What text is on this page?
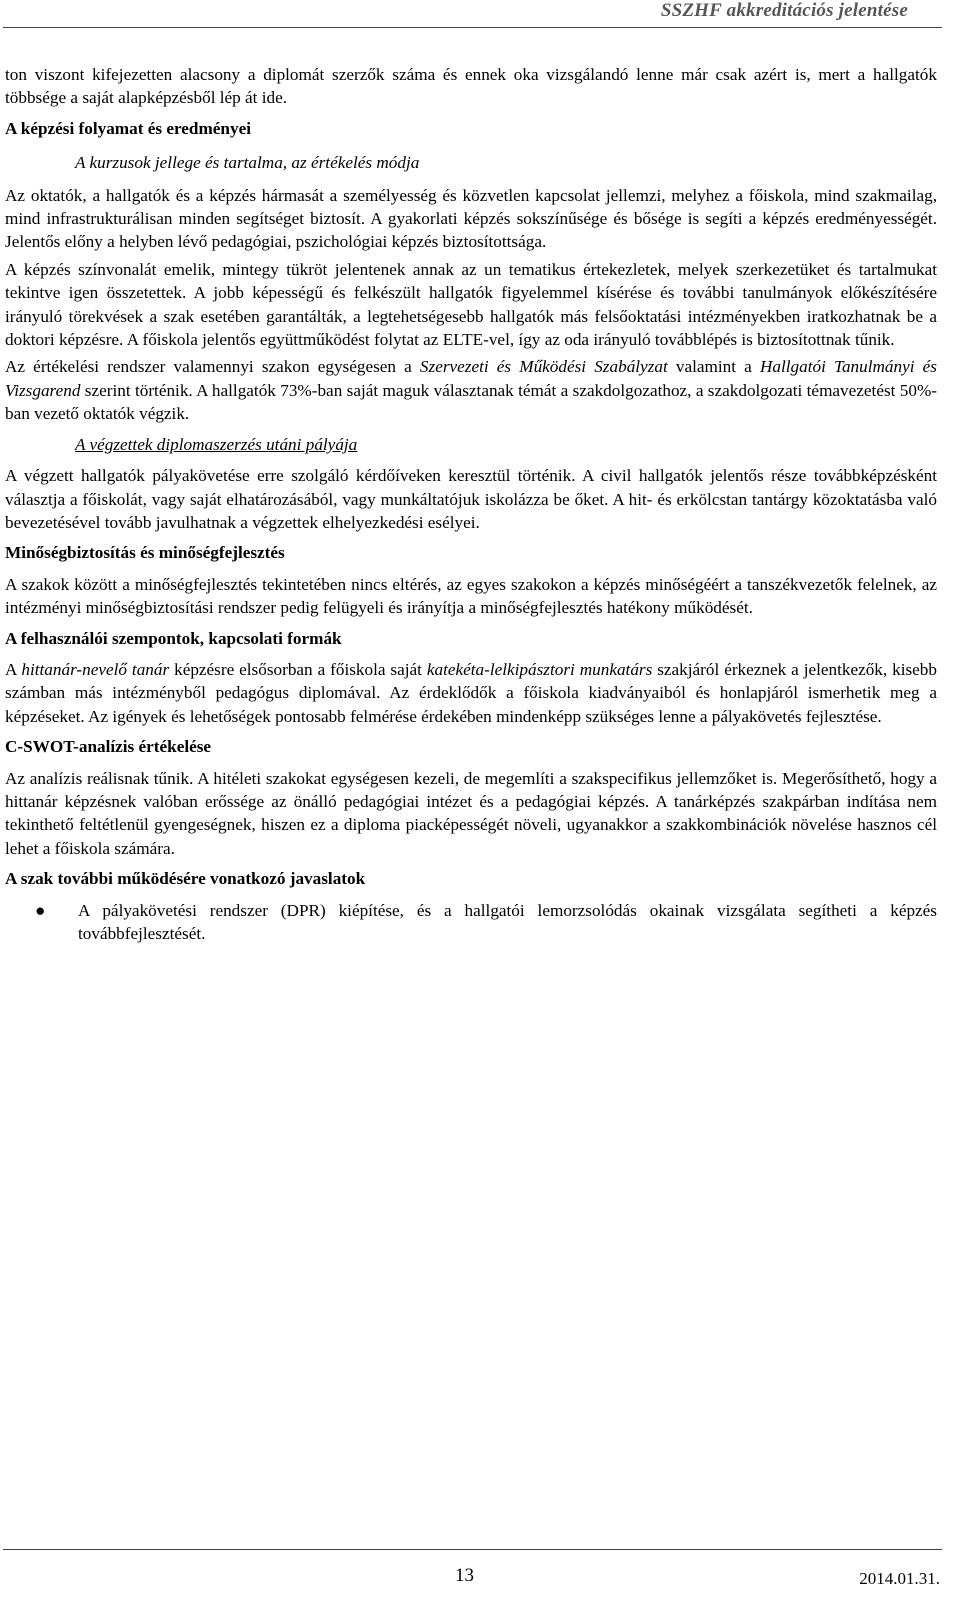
SSZHF akkreditációs jelentése

ton viszont kifejezetten alacsony a diplomát szerzők száma és ennek oka vizsgálandó lenne már csak azért is, mert a hallgatók többsége a saját alapképzésből lép át ide.

A képzési folyamat és eredményei
A kurzusok jellege és tartalma, az értékelés módja

Az oktatók, a hallgatók és a képzés hármasát a személyesség és közvetlen kapcsolat jellemzi, melyhez a főiskola, mind szakmailag, mind infrastrukturálisan minden segítséget biztosít. A gyakorlati képzés sokszínűsége és bősége is segíti a képzés eredményességét. Jelentős előny a helyben lévő pedagógiai, pszichológiai képzés biztosítottsága.

A képzés színvonalát emelik, mintegy tükröt jelentenek annak az un tematikus értekezletek, melyek szerkezetüket és tartalmukat tekintve igen összetettek. A jobb képességű és felkészült hallgatók figyelemmel kísérése és további tanulmányok előkészítésére irányuló törekvések a szak esetében garantálták, a legtehetségesebb hallgatók más felsőoktatási intézményekben iratkozhatnak be a doktori képzésre. A főiskola jelentős együttműködést folytat az ELTE-vel, így az oda irányuló továbblépés is biztosítottnak tűnik.

Az értékelési rendszer valamennyi szakon egységesen a Szervezeti és Működési Szabályzat valamint a Hallgatói Tanulmányi és Vizsgarend szerint történik. A hallgatók 73%-ban saját maguk választanak témát a szakdolgozathoz, a szakdolgozati témavezetést 50%-ban vezető oktatók végzik.

A végzettek diplomaszerzés utáni pályája

A végzett hallgatók pályakövetése erre szolgáló kérdőíveken keresztül történik. A civil hallgatók jelentős része továbbképzésként választja a főiskolát, vagy saját elhatározásából, vagy munkáltatójuk iskolázza be őket. A hit- és erkölcstan tantárgy közoktatásba való bevezetésével tovább javulhatnak a végzettek elhelyezkedési esélyei.

Minőségbiztosítás és minőségfejlesztés

A szakok között a minőségfejlesztés tekintetében nincs eltérés, az egyes szakokon a képzés minőségéért a tanszékvezetők felelnek, az intézményi minőségbiztosítási rendszer pedig felügyeli és irányítja a minőségfejlesztés hatékony működését.

A felhasználói szempontok, kapcsolati formák

A hittanár-nevelő tanár képzésre elsősorban a főiskola saját katekéta-lelkipásztori munkatárs szakjáról érkeznek a jelentkezők, kisebb számban más intézményből pedagógus diplomával. Az érdeklődők a főiskola kiadványaiból és honlapjáról ismerhetik meg a képzéseket. Az igények és lehetőségek pontosabb felmérése érdekében mindenképp szükséges lenne a pályakövetés fejlesztése.

C-SWOT-analízis értékelése

Az analízis reálisnak tűnik. A hitéleti szakokat egységesen kezeli, de megemlíti a szakspecifikus jellemzőket is. Megerősíthető, hogy a hittanár képzésnek valóban erőssége az önálló pedagógiai intézet és a pedagógiai képzés. A tanárképzés szakpárban indítása nem tekinthető feltétlenül gyengeségnek, hiszen ez a diploma piacképességét növeli, ugyanakkor a szakkombinációk növelése hasznos cél lehet a főiskola számára.

A szak további működésére vonatkozó javaslatok
● A pályakövetési rendszer (DPR) kiépítése, és a hallgatói lemorzsolódás okainak vizsgálata segítheti a képzés továbbfejlesztését.
13	2014.01.31.
